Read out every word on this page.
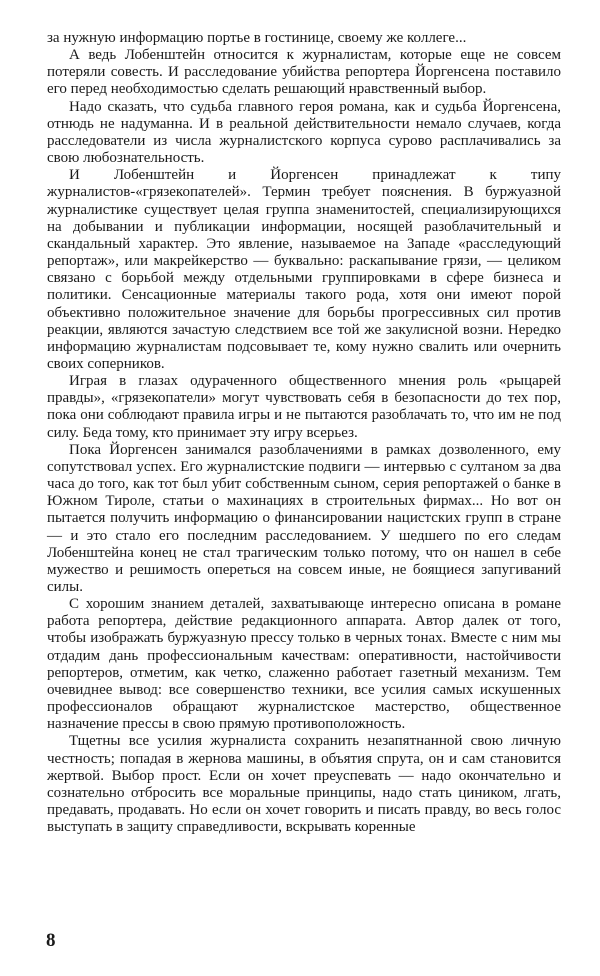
за нужную информацию портье в гостинице, своему же коллеге...

А ведь Лобенштейн относится к журналистам, которые еще не совсем потеряли совесть. И расследование убийства репортера Йоргенсена поставило его перед необходимостью сделать решающий нравственный выбор.

Надо сказать, что судьба главного героя романа, как и судьба Йоргенсена, отнюдь не надуманна. И в реальной действительности немало случаев, когда расследователи из числа журналистского корпуса сурово расплачивались за свою любознательность.

И Лобенштейн и Йоргенсен принадлежат к типу журналистов-«грязекопателей». Термин требует пояснения. В буржуазной журналистике существует целая группа знаменитостей, специализирующихся на добывании и публикации информации, носящей разоблачительный и скандальный характер. Это явление, называемое на Западе «расследующий репортаж», или макрейкерство — буквально: раскапывание грязи, — целиком связано с борьбой между отдельными группировками в сфере бизнеса и политики. Сенсационные материалы такого рода, хотя они имеют порой объективно положительное значение для борьбы прогрессивных сил против реакции, являются зачастую следствием все той же закулисной возни. Нередко информацию журналистам подсовывает те, кому нужно свалить или очернить своих соперников.

Играя в глазах одураченного общественного мнения роль «рыцарей правды», «грязекопатели» могут чувствовать себя в безопасности до тех пор, пока они соблюдают правила игры и не пытаются разоблачать то, что им не под силу. Беда тому, кто принимает эту игру всерьез.

Пока Йоргенсен занимался разоблачениями в рамках дозволенного, ему сопутствовал успех. Его журналистские подвиги — интервью с султаном за два часа до того, как тот был убит собственным сыном, серия репортажей о банке в Южном Тироле, статьи о махинациях в строительных фирмах... Но вот он пытается получить информацию о финансировании нацистских групп в стране — и это стало его последним расследованием. У шедшего по его следам Лобенштейна конец не стал трагическим только потому, что он нашел в себе мужество и решимость опереться на совсем иные, не боящиеся запугиваний силы.

С хорошим знанием деталей, захватывающе интересно описана в романе работа репортера, действие редакционного аппарата. Автор далек от того, чтобы изображать буржуазную прессу только в черных тонах. Вместе с ним мы отдадим дань профессиональным качествам: оперативности, настойчивости репортеров, отметим, как четко, слаженно работает газетный механизм. Тем очевиднее вывод: все совершенство техники, все усилия самых искушенных профессионалов обращают журналистское мастерство, общественное назначение прессы в свою прямую противоположность.

Тщетны все усилия журналиста сохранить незапятнанной свою личную честность; попадая в жернова машины, в объятия спрута, он и сам становится жертвой. Выбор прост. Если он хочет преуспевать — надо окончательно и сознательно отбросить все моральные принципы, надо стать циником, лгать, предавать, продавать. Но если он хочет говорить и писать правду, во весь голос выступать в защиту справедливости, вскрывать коренные

8
